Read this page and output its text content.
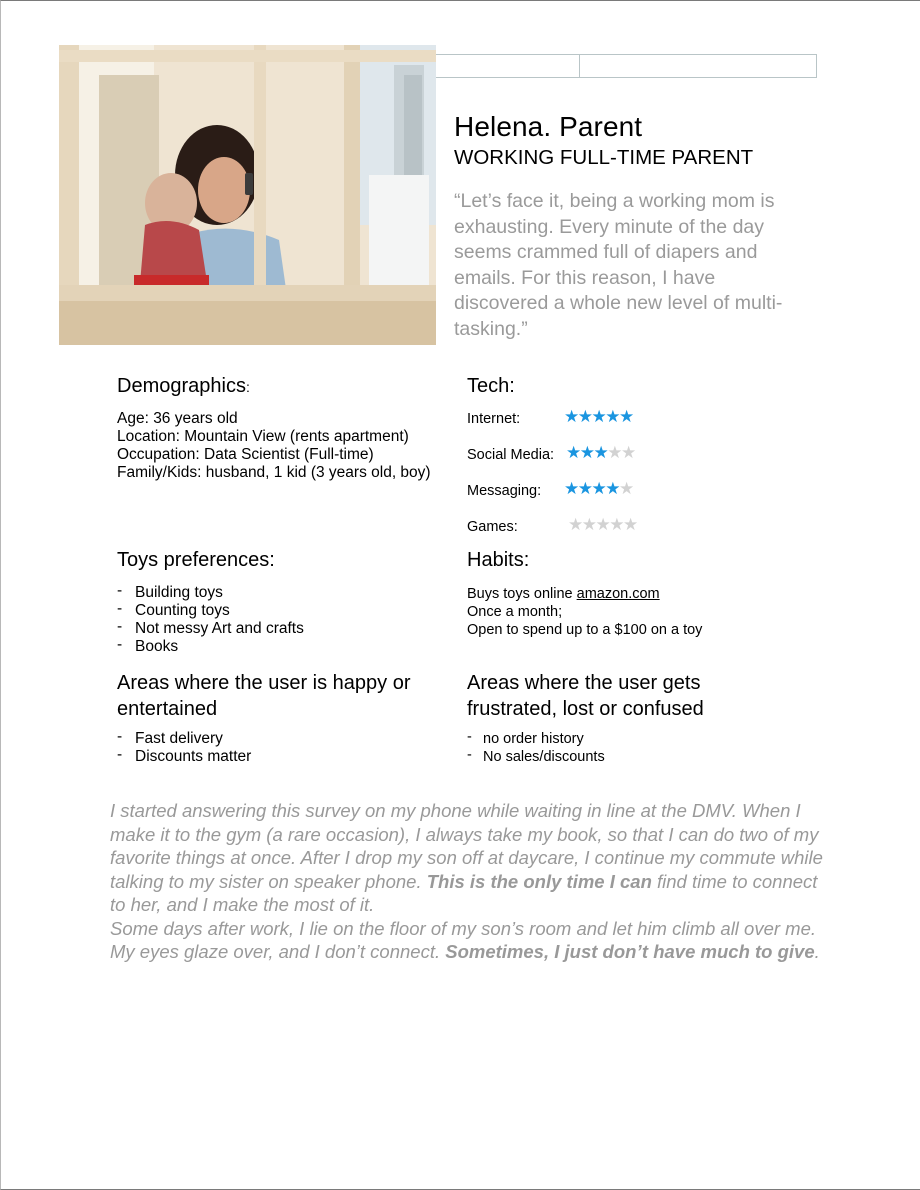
Helena. Parent
WORKING FULL-TIME PARENT
“Let’s face it, being a working mom is exhausting. Every minute of the day seems crammed full of diapers and emails. For this reason, I have discovered a whole new level of multi-tasking.”
Demographics:
Age: 36 years old
Location: Mountain View (rents apartment)
Occupation: Data Scientist (Full-time)
Family/Kids: husband, 1 kid (3 years old, boy)
Tech:
Internet:	★★★★★
Social Media: ★★★★★
Messaging: ★★★★★
Games:	★★★★★
Toys preferences:
- Building toys
- Counting toys
- Not messy Art and crafts
- Books
Habits:
Buys toys online amazon.com
Once a month;
Open to spend up to a $100 on a toy
Areas where the user is happy or entertained
- Fast delivery
- Discounts matter
Areas where the user gets frustrated, lost or confused
- no order history
- No sales/discounts
I started answering this survey on my phone while waiting in line at the DMV. When I make it to the gym (a rare occasion), I always take my book, so that I can do two of my favorite things at once. After I drop my son off at daycare, I continue my commute while talking to my sister on speaker phone. This is the only time I can find time to connect to her, and I make the most of it.
Some days after work, I lie on the floor of my son’s room and let him climb all over me. My eyes glaze over, and I don’t connect. Sometimes, I just don’t have much to give.
